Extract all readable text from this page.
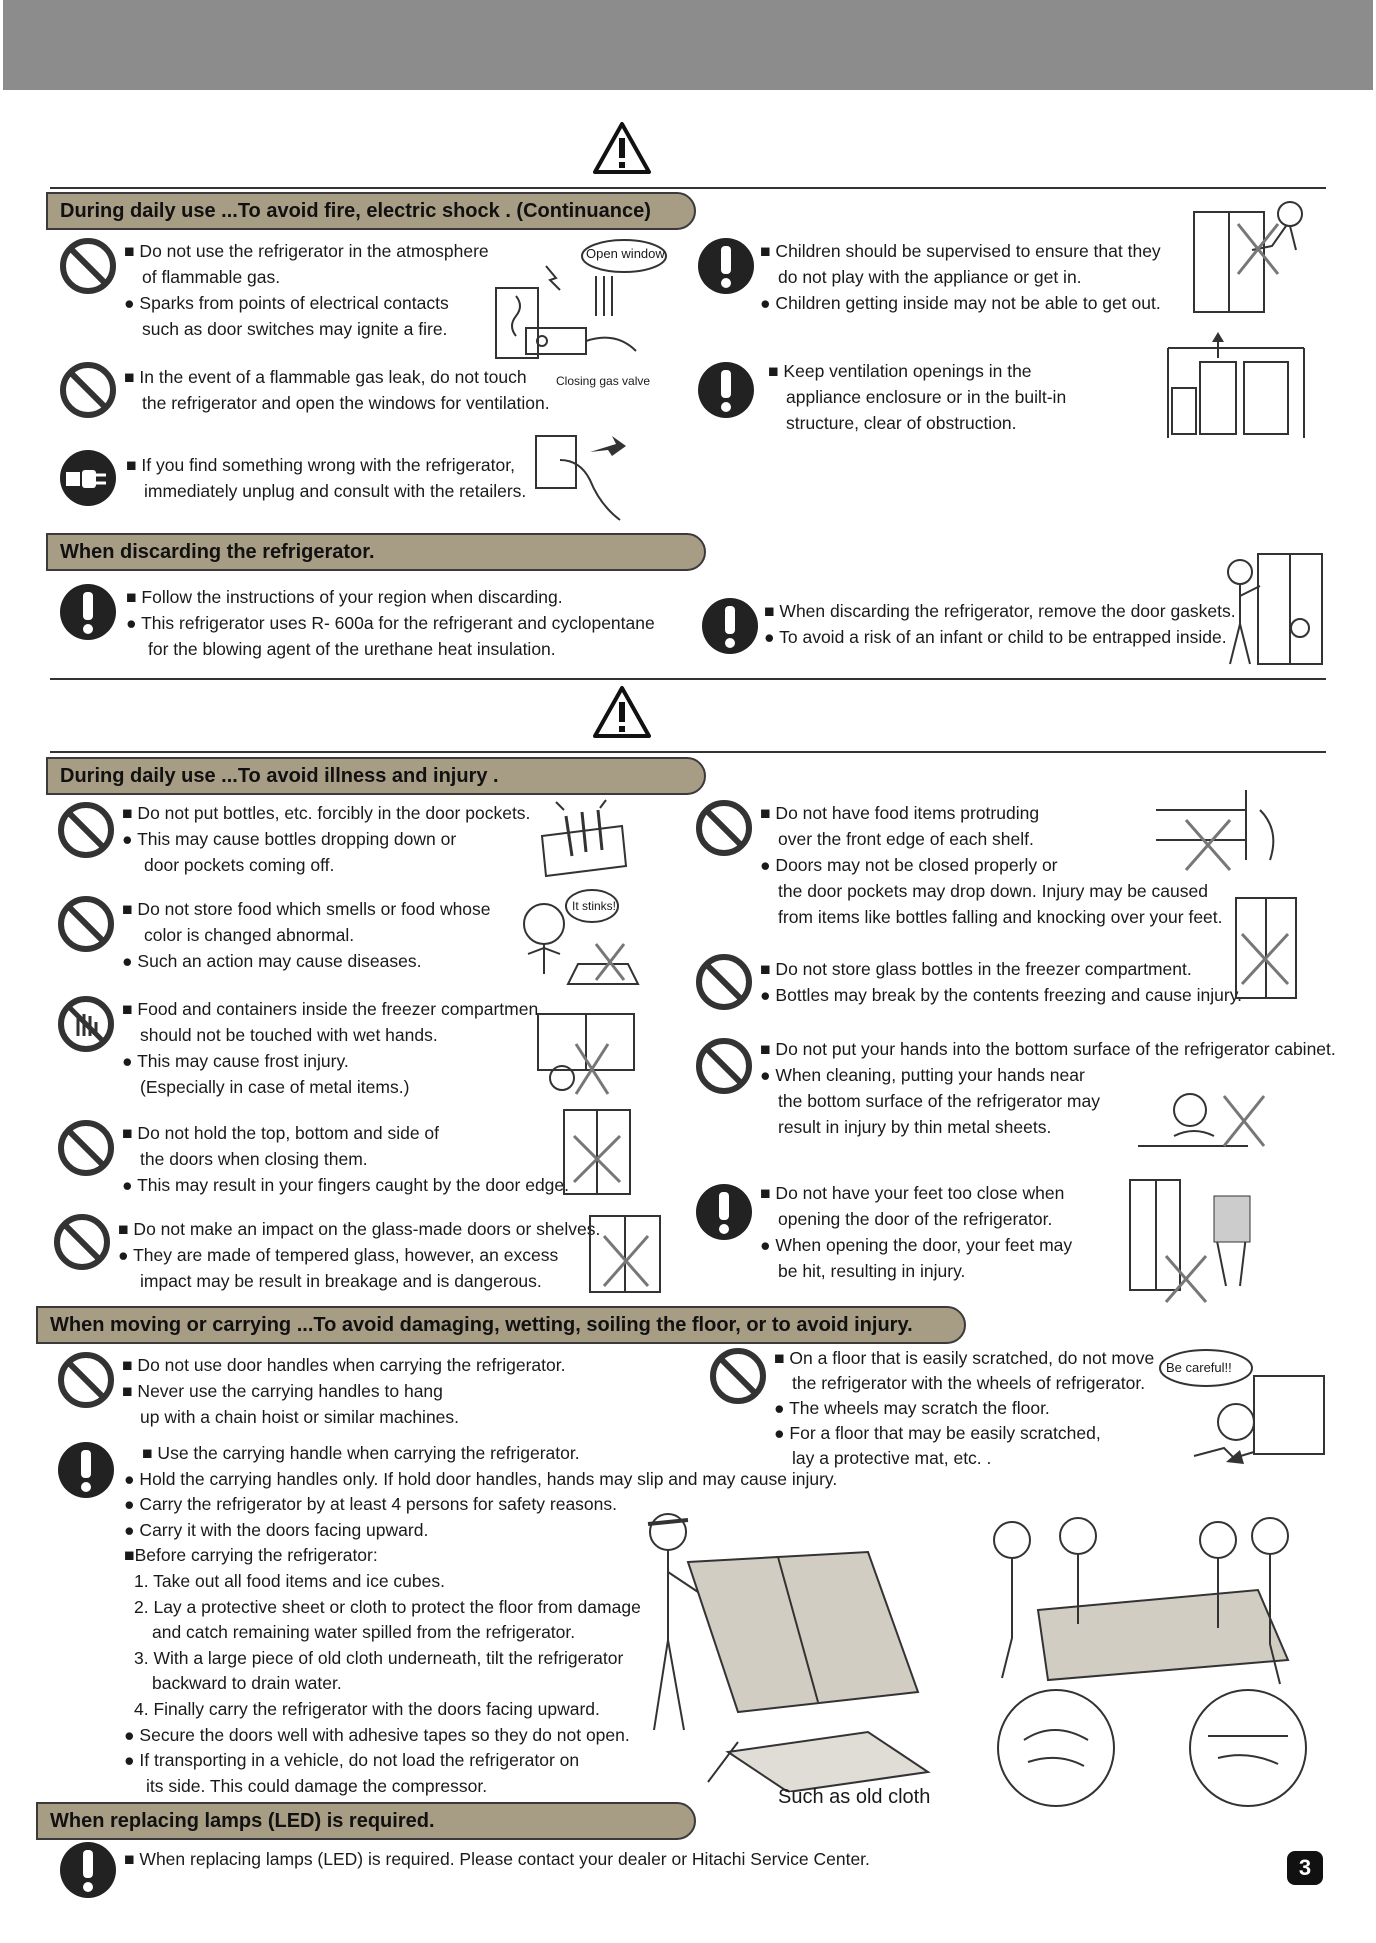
During daily use ...To avoid fire, electric shock . (Continuance)
■ Do not use the refrigerator in the atmosphere
of flammable gas.
● Sparks from points of electrical contacts
such as door switches may ignite a fire.
Open window
■ In the event of a flammable gas leak, do not touch
the refrigerator and open the windows for ventilation.
Closing gas valve
■ If you find something wrong with the refrigerator,
immediately unplug and consult with the retailers.
■ Children should be supervised to ensure that they
do not play with the appliance or get in.
● Children getting inside may not be able to get out.
■ Keep ventilation openings in the
appliance enclosure or in the built-in
structure, clear of obstruction.
When discarding the refrigerator.
■ Follow the instructions of your region when discarding.
● This refrigerator uses R- 600a for the refrigerant and cyclopentane
for the blowing agent of the urethane heat insulation.
■ When discarding the refrigerator, remove the door gaskets.
● To avoid a risk of an infant or child to be entrapped inside.
During daily use ...To avoid illness and injury .
■ Do not put bottles, etc. forcibly in the door pockets.
● This may cause bottles dropping down or
door pockets coming off.
■ Do not store food which smells or food whose
color is changed abnormal.
● Such an action may cause diseases.
It stinks!
■ Food and containers inside the freezer compartmen
should not be touched with wet hands.
● This may cause frost injury.
(Especially in case of metal items.)
■ Do not hold the top, bottom and side of
the doors when closing them.
● This may result in your fingers caught by the door edge.
■ Do not make an impact on the glass-made doors or shelves.
● They are made of tempered glass, however, an excess
impact may be result in breakage and is dangerous.
■ Do not have food items protruding
over the front edge of each shelf.
● Doors may not be closed properly or
the door pockets may drop down. Injury may be caused
from items like bottles falling and knocking over your feet.
■ Do not store glass bottles in the freezer compartment.
● Bottles may break by the contents freezing and cause injury.
■ Do not put your hands into the bottom surface of the refrigerator cabinet.
● When cleaning, putting your hands near
the bottom surface of the refrigerator may
result in injury by thin metal sheets.
■ Do not have your feet too close when
opening the door of the refrigerator.
● When opening the door, your feet may
be hit, resulting in injury.
When moving or carrying ...To avoid damaging, wetting, soiling the floor, or to avoid injury.
■ Do not use door handles when carrying the refrigerator.
■ Never use the carrying handles to hang
up with a chain hoist or similar machines.
■ On a floor that is easily scratched, do not move
the refrigerator with the wheels of refrigerator.
● The wheels may scratch the floor.
● For a floor that may be easily scratched,
lay a protective mat, etc. .
Be careful!!
■ Use the carrying handle when carrying the refrigerator.
● Hold the carrying handles only. If hold door handles, hands may slip and may cause injury.
● Carry the refrigerator by at least 4 persons for safety reasons.
● Carry it with the doors facing upward.
■Before carrying the refrigerator:
1. Take out all food items and ice cubes.
2. Lay a protective sheet or cloth to protect the floor from damage
and catch remaining water spilled from the refrigerator.
3. With a large piece of old cloth underneath, tilt the refrigerator
backward to drain water.
4. Finally carry the refrigerator with the doors facing upward.
● Secure the doors well with adhesive tapes so they do not open.
● If transporting in a vehicle, do not load the refrigerator on
its side. This could damage the compressor.
Such as old cloth
When replacing lamps (LED) is required.
■ When replacing lamps (LED) is required. Please contact your dealer or Hitachi Service Center.	3
